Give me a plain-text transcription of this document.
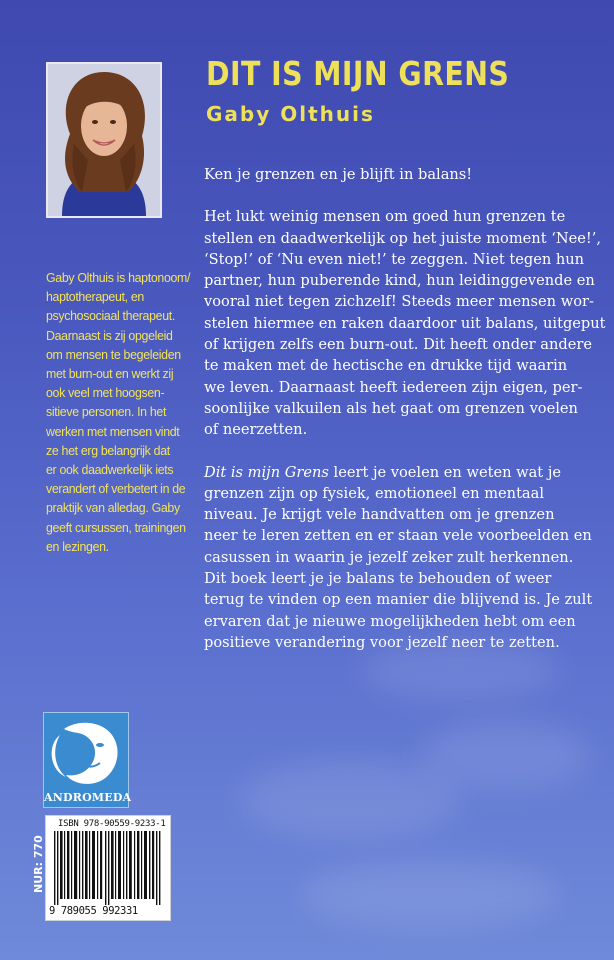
DIT IS MIJN GRENS
Gaby Olthuis
Gaby Olthuis is haptonoom/
haptotherapeut, en
psychosociaal therapeut.
Daarnaast is zij opgeleid
om mensen te begeleiden
met burn-out en werkt zij
ook veel met hoogsen-
sitieve personen. In het
werken met mensen vindt
ze het erg belangrijk dat
er ook daadwerkelijk iets
verandert of verbetert in de
praktijk van alledag. Gaby
geeft cursussen, trainingen
en lezingen.

Ken je grenzen en je blijft in balans!

Het lukt weinig mensen om goed hun grenzen te
stellen en daadwerkelijk op het juiste moment ‘Nee!’,
‘Stop!’ of ‘Nu even niet!’ te zeggen. Niet tegen hun
partner, hun puberende kind, hun leidinggevende en
vooral niet tegen zichzelf! Steeds meer mensen wor-
stelen hiermee en raken daardoor uit balans, uitgeput
of krijgen zelfs een burn-out. Dit heeft onder andere
te maken met de hectische en drukke tijd waarin
we leven. Daarnaast heeft iedereen zijn eigen, per-
soonlijke valkuilen als het gaat om grenzen voelen
of neerzetten.
Dit is mijn Grens leert je voelen en weten wat je
grenzen zijn op fysiek, emotioneel en mentaal
niveau. Je krijgt vele handvatten om je grenzen
neer te leren zetten en er staan vele voorbeelden en
casussen in waarin je jezelf zeker zult herkennen.
Dit boek leert je je balans te behouden of weer
terug te vinden op een manier die blijvend is. Je zult
ervaren dat je nieuwe mogelijkheden hebt om een
positieve verandering voor jezelf neer te zetten.
ANDROMEDA
ISBN 978-90559-9233-1
9 789055 992331
NUR: 770
